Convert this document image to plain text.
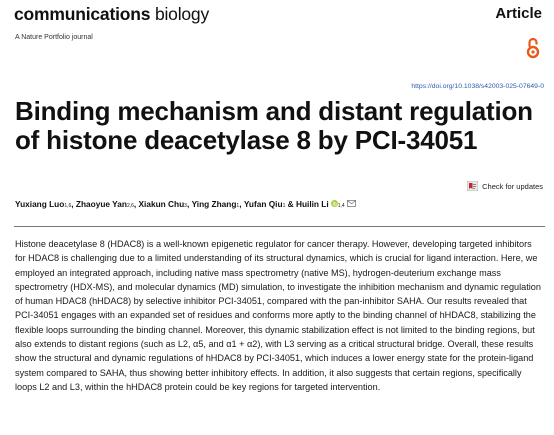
communications biology
A Nature Portfolio journal
Article
https://doi.org/10.1038/s42003-025-07649-0
Binding mechanism and distant regulation of histone deacetylase 8 by PCI-34051
Check for updates
Yuxiang Luo 1,6 , Zhaoyue Yan 2,6 , Xiakun Chu 3 , Ying Zhang 1 , Yufan Qiu 1 & Huilin Li 1,4
Histone deacetylase 8 (HDAC8) is a well-known epigenetic regulator for cancer therapy. However, developing targeted inhibitors for HDAC8 is challenging due to a limited understanding of its structural dynamics, which is crucial for ligand interaction. Here, we employed an integrated approach, including native mass spectrometry (native MS), hydrogen-deuterium exchange mass spectrometry (HDX-MS), and molecular dynamics (MD) simulation, to investigate the inhibition mechanism and dynamic regulation of human HDAC8 (hHDAC8) by selective inhibitor PCI-34051, compared with the pan-inhibitor SAHA. Our results revealed that PCI-34051 engages with an expanded set of residues and conforms more aptly to the binding channel of hHDAC8, stabilizing the flexible loops surrounding the binding channel. Moreover, this dynamic stabilization effect is not limited to the binding regions, but also extends to distant regions (such as L2, α5, and α1 + α2), with L3 serving as a critical structural bridge. Overall, these results show the structural and dynamic regulations of hHDAC8 by PCI-34051, which induces a lower energy state for the protein-ligand system compared to SAHA, thus showing better inhibitory effects. In addition, it also suggests that certain regions, specifically loops L2 and L3, within the hHDAC8 protein could be key regions for targeted intervention.
